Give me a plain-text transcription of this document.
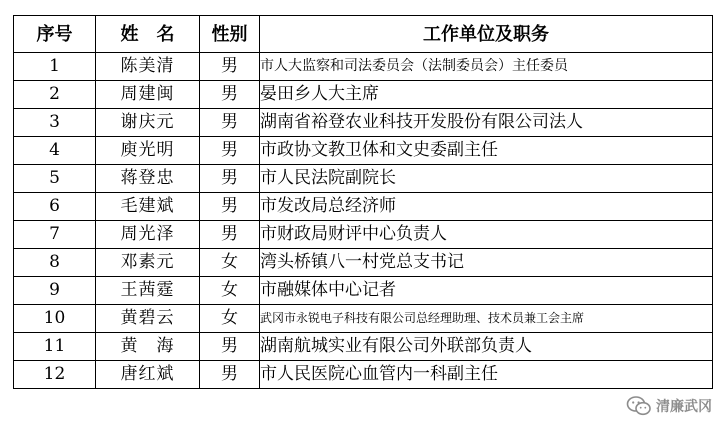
序号	姓　名	性别	工作单位及职务
1	陈美清	男	市人大监察和司法委员会（法制委员会）主任委员
2	周建闽	男	晏田乡人大主席
3	谢庆元	男	湖南省裕登农业科技开发股份有限公司法人
4	庾光明	男	市政协文教卫体和文史委副主任
5	蒋登忠	男	市人民法院副院长
6	毛建斌	男	市发改局总经济师
7	周光泽	男	市财政局财评中心负责人
8	邓素元	女	湾头桥镇八一村党总支书记
9	王茜霆	女	市融媒体中心记者
10	黄碧云	女	武冈市永锐电子科技有限公司总经理助理、技术员兼工会主席
11	黄　海	男	湖南航城实业有限公司外联部负责人
12	唐红斌	男	市人民医院心血管内一科副主任
清廉武冈
